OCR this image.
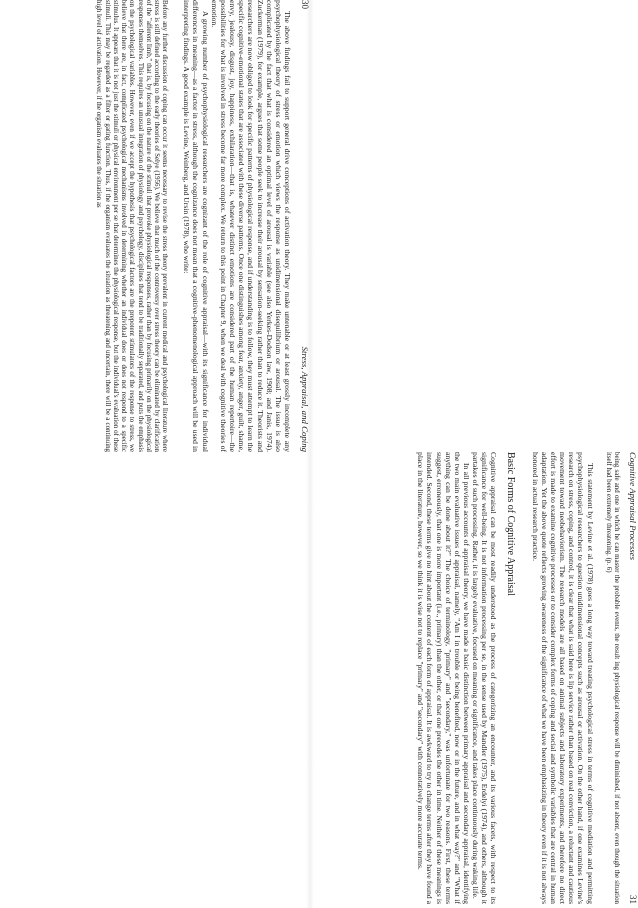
30
Stress, Appraisal, and Coping

The above findings fail to support general drive conceptions of activation theory. They make untenable or at least grossly incomplete any psychophysiological theory of stress or emotion which views the response as unidimensional disequilibrium or arousal. The issue is also complicated by the fact that what is considered an optimal level of arousal is variable (see also Yerkes-Dodson law, 1908; and Janis, 1974). Zuckerman (1979), for example, argues that some people seek to increase their arousal by sensation-seeking rather than to reduce it. Theorists and researchers are now obliged to look for specific patterns of physiological response, and if understanding is to follow, they must attempt to learn the specific cognitive-emotional states that are associated with these diverse patterns. Once one distinguishes among fear, anxiety, anger, guilt, shame, envy, jealousy, disgust, joy, happiness, exhilaration—that is, whatever distinct emotions are considered part of the human repertoire—the possibilities for what is involved in stress become far more complex. We return to this point in Chapter 9, when we deal with cognitive theories of emotion.

A growing number of psychophysiological researchers are cognizant of the role of cognitive appraisal—with its significance for individual differences in meaning—as a factor in stress, although the cognizance does not mean that a cognitive-phenomenological approach will be used in interpreting findings. A good example is Levine, Weinberg, and Ursin (1978), who write:

Before any further discussion of coping can occur it seems necessary to revise the stress theory prevalent in current medical and psychological literature where stress is still defined according to the early theories of Selye (1956). We believe that much of the controversy over stress theory can be eliminated by clarification of the "afferent limb," that is, by focusing on the nature of the stimuli that provoke physiological responses, rather than by focusing primarily on the physiological responses themselves. This requires an unusual integration of physiology and psychology, disciplines that tend to be traditionally separated, and puts the emphasis on the psychological variables. However, even if we accept the hypothesis that psychological factors are the prepotent stimulators of the response to stress, we believe that there are, in fact, complicated psychological mechanisms involved in determining whether an individual does or does not respond to a specific stimulus. It appears that it is not just the stimuli or physical environment per se that determines the physiological response, but the individual's evaluation of these stimuli. This may be regarded as a filter or gating function. Thus, if the organism evaluates the situation as threatening and uncertain, there will be a continuing high level of activation. However, if the organism evaluates the situation as

Cognitive Appraisal Processes
31

being safe and one in which he can master the probable events, the result ing physiological response will be diminished, if not absent, even though the situation itself had been extremely threatening. (p. 6)

This statement by Levine et al. (1978) goes a long way toward treating psychological stress in terms of cognitive mediation and permitting psychophysiological researchers to question unidimensional concepts such as arousal or activation. On the other hand, if one examines Levine's research on stress, coping, and control, it is clear that what is said here is lip service rather than based on real conviction, a reluctant and cautious movement toward neobehaviorism. The research models are all based on animal subjects and laboratory experiments, and therefore no direct effort is made to examine cognitive processes or to consider complex forms of coping and social and symbolic variables that are central in human adaptation. Yet the above quote reflects growing awareness of the significance of what we have been emphasizing in theory even if it is not always honored in actual research practice.

Basic Forms of Cognitive Appraisal

Cognitive appraisal can be most readily understood as the process of categorizing an encounter, and its various facets, with respect to its significance for well-being. It is not information processing per se, in the sense used by Mandler (1975), Erdelyi (1974), and others, although it partakes of such processing. Rather, it is largely evaluative, focused on meaning or significance, and takes place continuously during waking life.

In all previous accounts of appraisal theory, we have made a basic distinction between primary appraisal and secondary appraisal, identifying the two main evaluative issues of appraisal, namely, "Am I in trouble or being benefited, now or in the future, and in what way?" and "What if anything can be done about it?" The choice of terminology, "primary" and "secondary," was unfortunate for two reasons. First, these terms suggest, erroneously, that one is more important (i.e., primary) than the other, or that one precedes the other in time. Neither of these meanings is intended. Second, these terms give no hint about the content of each form of appraisal. It is awkward to try to change terms after they have found a place in the literature, however, so we think it is wise not to replace "primary" and "secondary" with connotatively more accurate terms.
